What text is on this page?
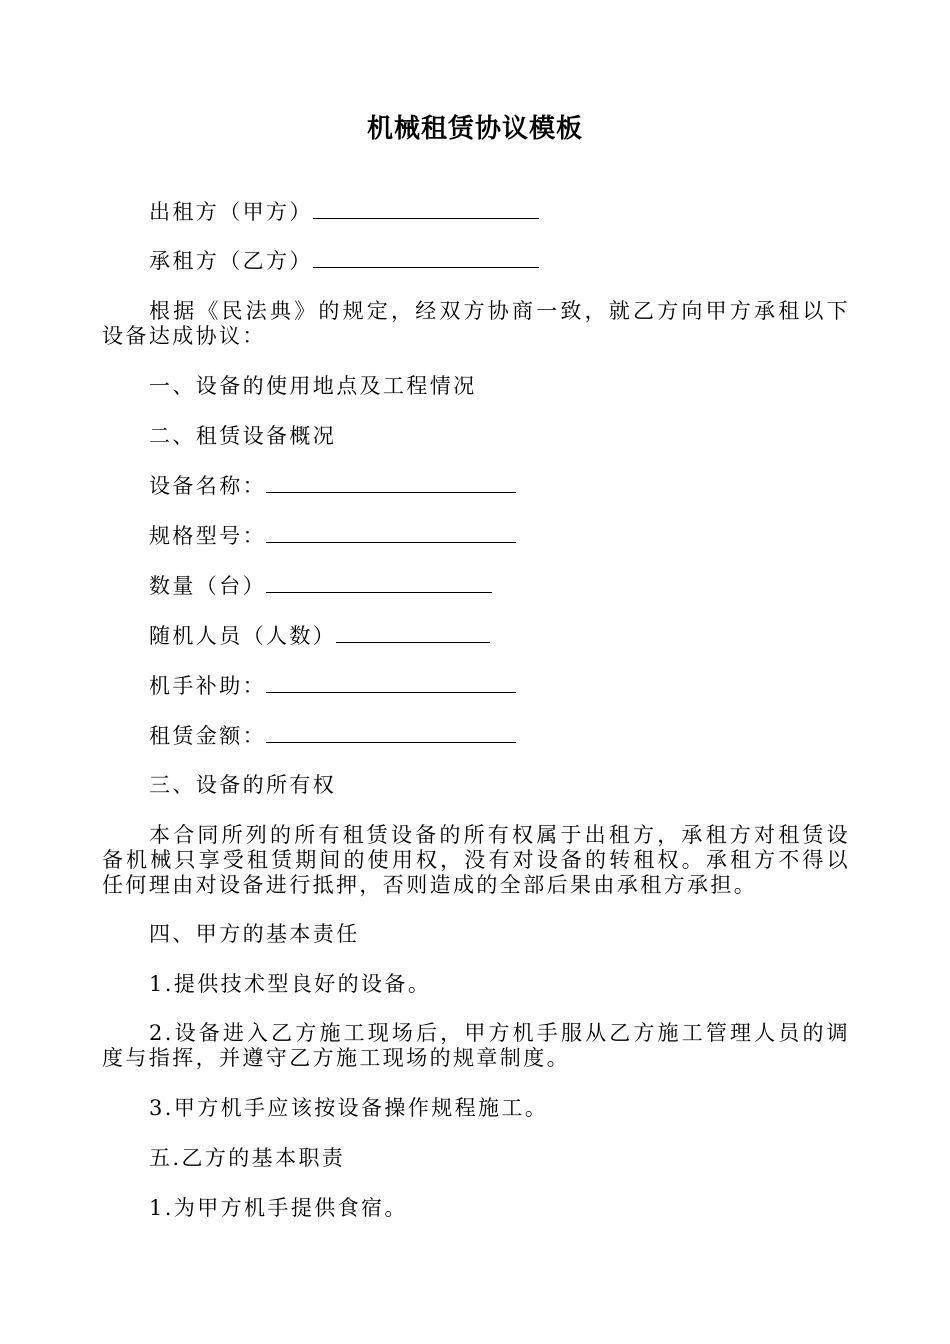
机械租赁协议模板

出租方（甲方）

承租方（乙方）

根据《民法典》的规定，经双方协商一致，就乙方向甲方承租以下设备达成协议：

一、设备的使用地点及工程情况

二、租赁设备概况

设备名称：

规格型号：

数量（台）

随机人员（人数）

机手补助：

租赁金额：

三、设备的所有权

本合同所列的所有租赁设备的所有权属于出租方，承租方对租赁设备机械只享受租赁期间的使用权，没有对设备的转租权。承租方不得以任何理由对设备进行抵押，否则造成的全部后果由承租方承担。

四、甲方的基本责任

1.提供技术型良好的设备。

2.设备进入乙方施工现场后，甲方机手服从乙方施工管理人员的调度与指挥，并遵守乙方施工现场的规章制度。

3.甲方机手应该按设备操作规程施工。

五.乙方的基本职责

1.为甲方机手提供食宿。
